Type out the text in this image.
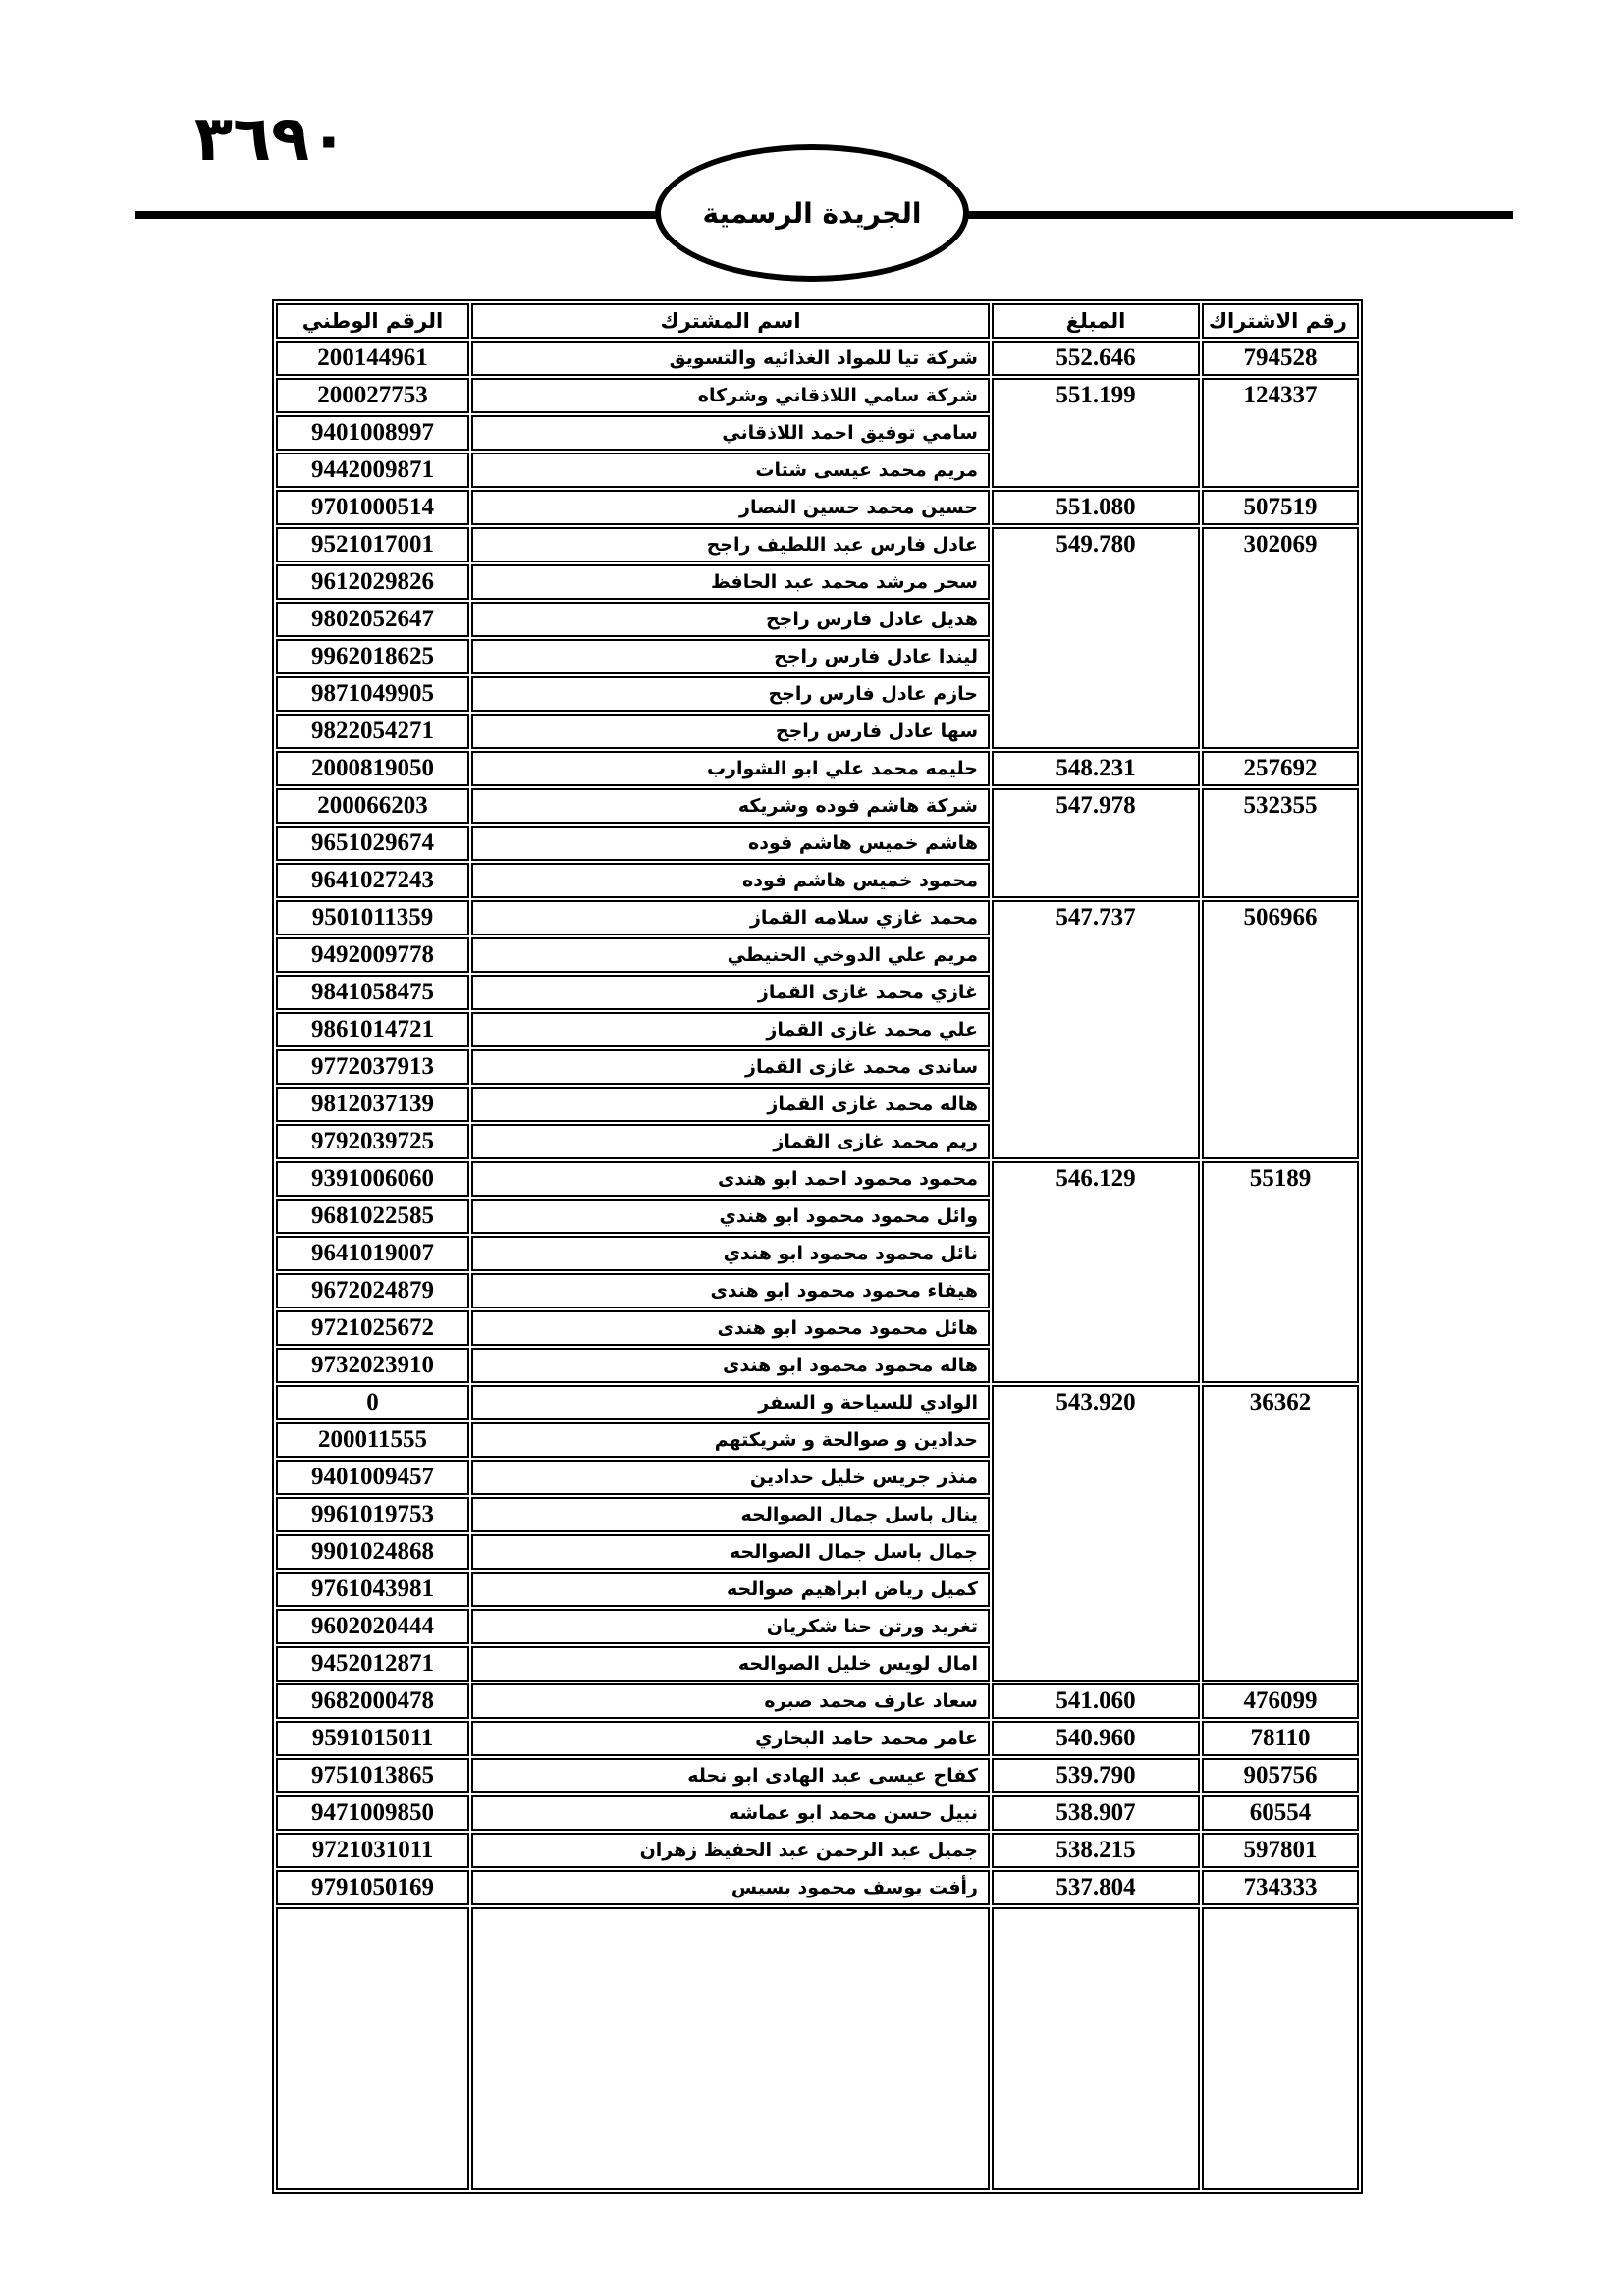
٣٦٩٠
الجريدة الرسمية
رقم الاشتراك	المبلغ	اسم المشترك	الرقم الوطني
794528	552.646	شركة تيا للمواد الغذائيه والتسويق	200144961
124337	551.199	شركة سامي اللاذقاني وشركاه	200027753
		سامي توفيق احمد اللاذقاني	9401008997
		مريم محمد عيسى شتات	9442009871
507519	551.080	حسين محمد حسين النصار	9701000514
302069	549.780	عادل فارس عبد اللطيف راجح	9521017001
		سحر مرشد محمد عبد الحافظ	9612029826
		هديل عادل فارس راجح	9802052647
		ليندا عادل فارس راجح	9962018625
		حازم عادل فارس راجح	9871049905
		سها عادل فارس راجح	9822054271
257692	548.231	حليمه محمد علي ابو الشوارب	2000819050
532355	547.978	شركة هاشم فوده وشريكه	200066203
		هاشم خميس هاشم فوده	9651029674
		محمود خميس هاشم فوده	9641027243
506966	547.737	محمد غازي سلامه القماز	9501011359
		مريم علي الدوخي الحنيطي	9492009778
		غازي محمد غازى القماز	9841058475
		علي محمد غازى القماز	9861014721
		ساندى محمد غازى القماز	9772037913
		هاله محمد غازى القماز	9812037139
		ريم محمد غازى القماز	9792039725
55189	546.129	محمود محمود احمد ابو هندى	9391006060
		وائل محمود محمود ابو هندي	9681022585
		نائل محمود محمود ابو هندي	9641019007
		هيفاء محمود محمود ابو هندى	9672024879
		هائل محمود محمود ابو هندى	9721025672
		هاله محمود محمود ابو هندى	9732023910
36362	543.920	الوادي للسياحة و السفر	0
		حدادين و صوالحة و شريكتهم	200011555
		منذر جريس خليل حدادين	9401009457
		ينال باسل جمال الصوالحه	9961019753
		جمال باسل جمال الصوالحه	9901024868
		كميل رياض ابراهيم صوالحه	9761043981
		تغريد ورتن حنا شكريان	9602020444
		امال لويس خليل الصوالحه	9452012871
476099	541.060	سعاد عارف محمد صبره	9682000478
78110	540.960	عامر محمد حامد البخاري	9591015011
905756	539.790	كفاح عيسى عبد الهادى ابو نحله	9751013865
60554	538.907	نبيل حسن محمد ابو عماشه	9471009850
597801	538.215	جميل عبد الرحمن عبد الحفيظ زهران	9721031011
734333	537.804	رأفت يوسف محمود بسيس	9791050169
